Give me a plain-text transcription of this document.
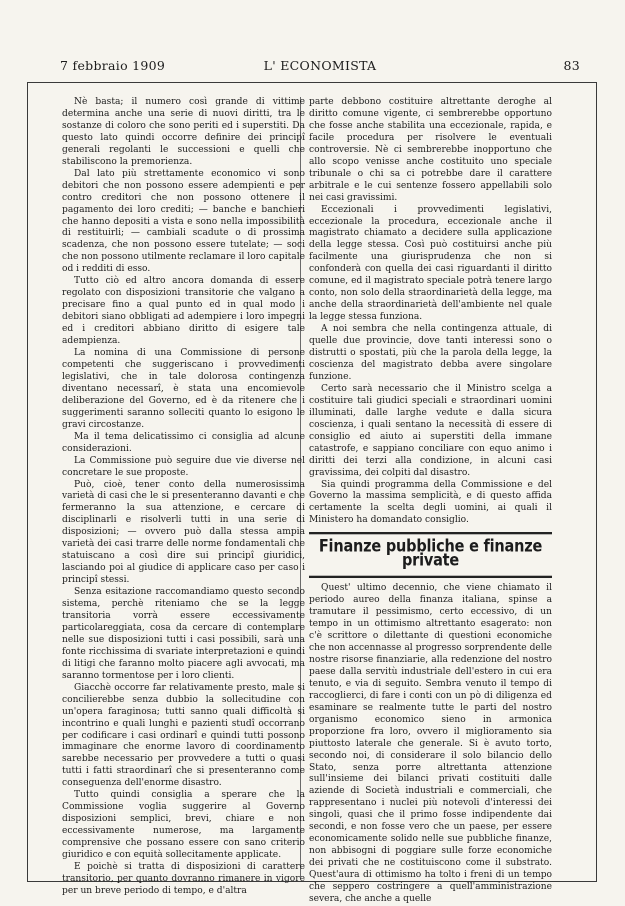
7 febbraio 1909	L' ECONOMISTA	83

Nè basta; il numero così grande di vittime determina anche una serie di nuovi diritti, tra le sostanze di coloro che sono periti ed i superstiti. Da questo lato quindi occorre definire dei principî generali regolanti le successioni e quelli che stabiliscono la premorienza.

Dal lato più strettamente economico vi sono debitori che non possono essere adempienti e per contro creditori che non possono ottenere il pagamento dei loro crediti; — banche e banchieri che hanno depositi a vista e sono nella impossibilità di restituirli; — cambiali scadute o di prossima scadenza, che non possono essere tutelate; — soci che non possono utilmente reclamare il loro capitale od i redditi di esso.

Tutto ciò ed altro ancora domanda di essere regolato con disposizioni transitorie che valgano a precisare fino a qual punto ed in qual modo i debitori siano obbligati ad adempiere i loro impegni ed i creditori abbiano diritto di esigere tale adempienza.

La nomina di una Commissione di persone competenti che suggeriscano i provvedimenti legislativi, che in tale dolorosa contingenza diventano necessarî, è stata una encomievole deliberazione del Governo, ed è da ritenere che i suggerimenti saranno solleciti quanto lo esigono le gravi circostanze.

Ma il tema delicatissimo ci consiglia ad alcune considerazioni.

La Commissione può seguire due vie diverse nel concretare le sue proposte.

Può, cioè, tener conto della numerosissima varietà di casi che le si presenteranno davanti e che fermeranno la sua attenzione, e cercare di disciplinarli e risolverli tutti in una serie di disposizioni; — ovvero può dalla stessa ampia varietà dei casi trarre delle norme fondamentali che statuiscano a così dire sui principî giuridici, lasciando poi al giudice di applicare caso per caso i principî stessi.

Senza esitazione raccomandiamo questo secondo sistema, perchè riteniamo che se la legge transitoria vorrà essere eccessivamente particolareggiata, cosa da cercare di contemplare nelle sue disposizioni tutti i casi possibili, sarà una fonte ricchissima di svariate interpretazioni e quindi di litigi che faranno molto piacere agli avvocati, ma saranno tormentose per i loro clienti.

Giacchè occorre far relativamente presto, male si concilierebbe senza dubbio la sollecitudine con un'opera faraginosa; tutti sanno quali difficoltà si incontrino e quali lunghi e pazienti studî occorrano per codificare i casi ordinarî e quindi tutti possono immaginare che enorme lavoro di coordinamento sarebbe necessario per provvedere a tutti o quasi tutti i fatti straordinarî che si presenteranno come conseguenza dell'enorme disastro.

Tutto quindi consiglia a sperare che la Commissione voglia suggerire al Governo disposizioni semplici, brevi, chiare e non eccessivamente numerose, ma largamente comprensive che possano essere con sano criterio giuridico e con equità sollecitamente applicate.

E poichè si tratta di disposizioni di carattere transitorio, per quanto dovranno rimanere in vigore per un breve periodo di tempo, e d'altra

parte debbono costituire altrettante deroghe al diritto comune vigente, ci sembrerebbe opportuno che fosse anche stabilita una eccezionale, rapida, e facile procedura per risolvere le eventuali controversie. Nè ci sembrerebbe inopportuno che allo scopo venisse anche costituito uno speciale tribunale o chi sa ci potrebbe dare il carattere arbitrale e le cui sentenze fossero appellabili solo nei casi gravissimi.

Eccezionali i provvedimenti legislativi, eccezionale la procedura, eccezionale anche il magistrato chiamato a decidere sulla applicazione della legge stessa. Così può costituirsi anche più facilmente una giurisprudenza che non si confonderà con quella dei casi riguardanti il diritto comune, ed il magistrato speciale potrà tenere largo conto, non solo della straordinarietà della legge, ma anche della straordinarietà dell'ambiente nel quale la legge stessa funziona.

A noi sembra che nella contingenza attuale, di quelle due provincie, dove tanti interessi sono o distrutti o spostati, più che la parola della legge, la coscienza del magistrato debba avere singolare funzione.

Certo sarà necessario che il Ministro scelga a costituire tali giudici speciali e straordinari uomini illuminati, dalle larghe vedute e dalla sicura coscienza, i quali sentano la necessità di essere di consiglio ed aiuto ai superstiti della immane catastrofe, e sappiano conciliare con equo animo i diritti dei terzi alla condizione, in alcuni casi gravissima, dei colpiti dal disastro.

Sia quindi programma della Commissione e del Governo la massima semplicità, e di questo affida certamente la scelta degli uomini, ai quali il Ministero ha domandato consiglio.

Finanze pubbliche e finanze private

Quest' ultimo decennio, che viene chiamato il periodo aureo della finanza italiana, spinse a tramutare il pessimismo, certo eccessivo, di un tempo in un ottimismo altrettanto esagerato: non c'è scrittore o dilettante di questioni economiche che non accennasse al progresso sorprendente delle nostre risorse finanziarie, alla redenzione del nostro paese dalla servitù industriale dell'estero in cui era tenuto, e via di seguito. Sembra venuto il tempo di raccoglierci, di fare i conti con un pò di diligenza ed esaminare se realmente tutte le parti del nostro organismo economico sieno in armonica proporzione fra loro, ovvero il miglioramento sia piuttosto laterale che generale. Si è avuto torto, secondo noi, di considerare il solo bilancio dello Stato, senza porre altrettanta attenzione sull'insieme dei bilanci privati costituiti dalle aziende di Società industriali e commerciali, che rappresentano i nuclei più notevoli d'interessi dei singoli, quasi che il primo fosse indipendente dai secondi, e non fosse vero che un paese, per essere economicamente solido nelle sue pubbliche finanze, non abbisogni di poggiare sulle forze economiche dei privati che ne costituiscono come il substrato. Quest'aura di ottimismo ha tolto i freni di un tempo che seppero costringere a quell'amministrazione severa, che anche a quelle
